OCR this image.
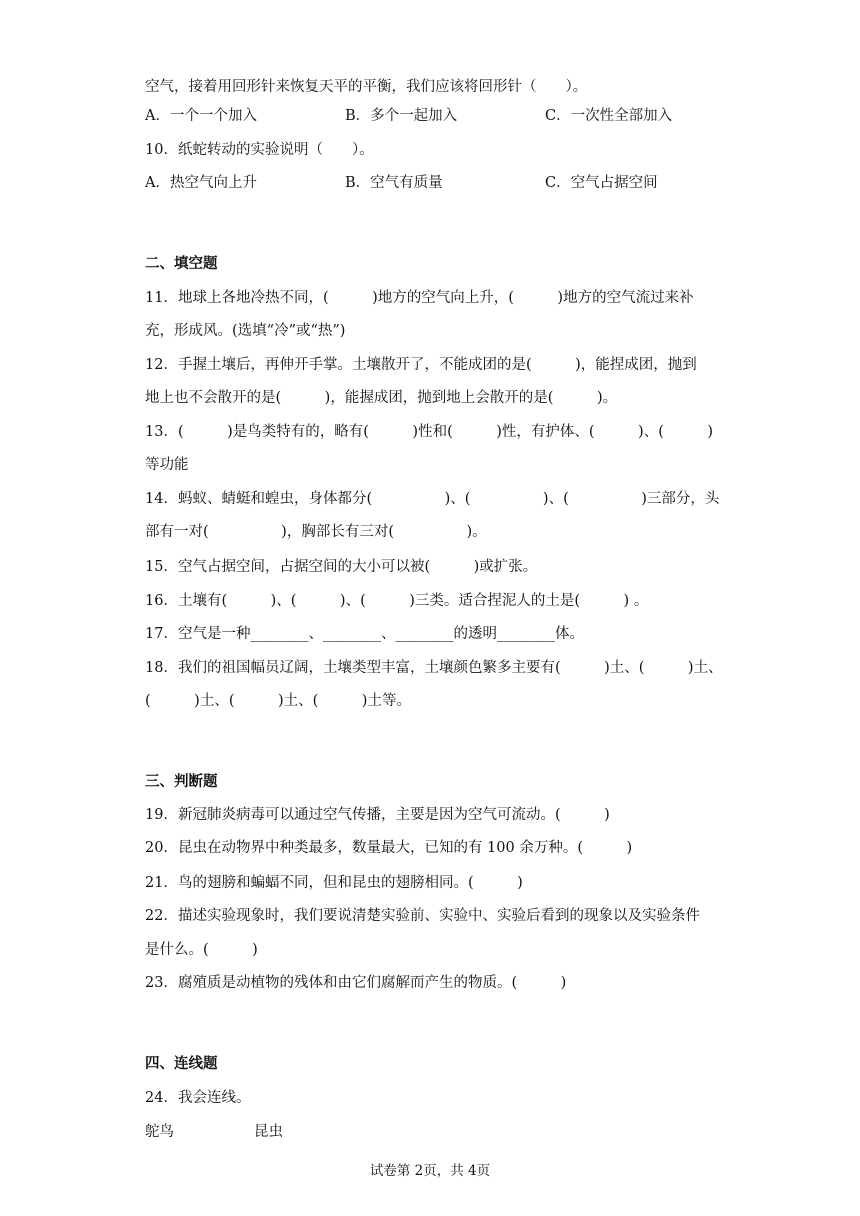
空气，接着用回形针来恢复天平的平衡，我们应该将回形针（　　）。
A．一个一个加入	B．多个一起加入	C．一次性全部加入
10．纸蛇转动的实验说明（　　）。
A．热空气向上升	B．空气有质量	C．空气占据空间
二、填空题
11．地球上各地冷热不同，(　　　)地方的空气向上升，(　　　)地方的空气流过来补
充，形成风。(选填“冷”或“热”)
12．手握土壤后，再伸开手掌。土壤散开了，不能成团的是(　　　)，能捏成团，抛到
地上也不会散开的是(　　　)，能握成团，抛到地上会散开的是(　　　)。
13．(　　　)是鸟类特有的，略有(　　　)性和(　　　)性，有护体、(　　　)、(　　　)
等功能
14．蚂蚁、蜻蜓和蝗虫，身体都分(　　　　　)、(　　　　　)、(　　　　　)三部分，头
部有一对(　　　　　)，胸部长有三对(　　　　　)。
15．空气占据空间，占据空间的大小可以被(　　　)或扩张。
16．土壤有(　　　)、(　　　)、(　　　)三类。适合捏泥人的土是(　　　) 。
17．空气是一种________、________、________的透明________体。
18．我们的祖国幅员辽阔，土壤类型丰富，土壤颜色繁多主要有(　　　)土、(　　　)土、
(　　　)土、(　　　)土、(　　　)土等。
三、判断题
19．新冠肺炎病毒可以通过空气传播，主要是因为空气可流动。(　　　)
20．昆虫在动物界中种类最多，数量最大，已知的有 100 余万种。(　　　)
21．鸟的翅膀和蝙蝠不同，但和昆虫的翅膀相同。(　　　)
22．描述实验现象时，我们要说清楚实验前、实验中、实验后看到的现象以及实验条件
是什么。(　　　)
23．腐殖质是动植物的残体和由它们腐解而产生的物质。(　　　)
四、连线题
24．我会连线。
鸵鸟	昆虫
试卷第 2页，共 4页
